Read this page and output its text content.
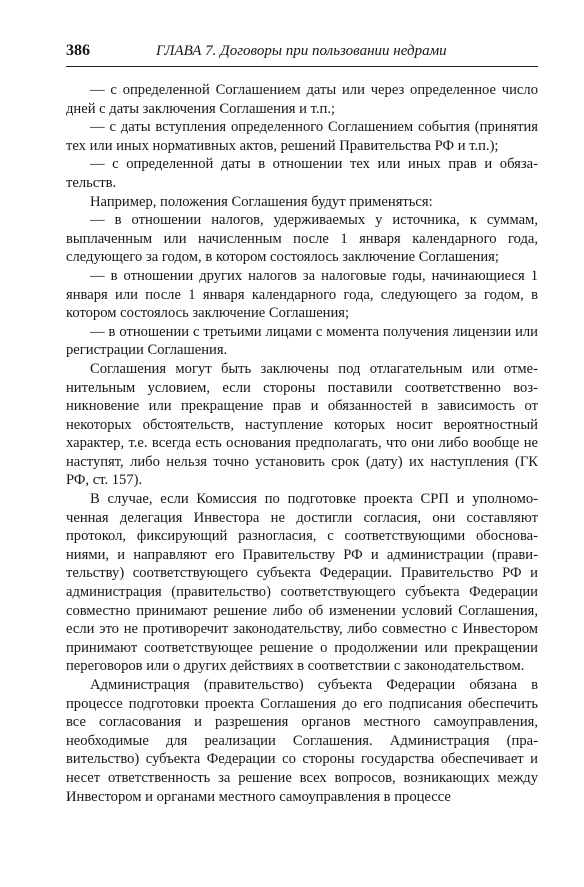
386	ГЛАВА 7. Договоры при пользовании недрами

— с определенной Соглашением даты или через определенное число дней с даты заключения Соглашения и т.п.;

— с даты вступления определенного Соглашением события (принятия тех или иных нормативных актов, решений Правительства РФ и т.п.);

— с определенной даты в отношении тех или иных прав и обязательств.

Например, положения Соглашения будут применяться:

— в отношении налогов, удерживаемых у источника, к суммам, выплаченным или начисленным после 1 января календарного года, следующего за годом, в котором состоялось заключение Соглашения;

— в отношении других налогов за налоговые годы, начинающиеся 1 января или после 1 января календарного года, следующего за годом, в котором состоялось заключение Соглашения;

— в отношении с третьими лицами с момента получения лицензии или регистрации Соглашения.

Соглашения могут быть заключены под отлагательным или отменительным условием, если стороны поставили соответственно возникновение или прекращение прав и обязанностей в зависимость от некоторых обстоятельств, наступление которых носит вероятностный характер, т.е. всегда есть основания предполагать, что они либо вообще не наступят, либо нельзя точно установить срок (дату) их наступления (ГК РФ, ст. 157).

В случае, если Комиссия по подготовке проекта СРП и уполномоченная делегация Инвестора не достигли согласия, они составляют протокол, фиксирующий разногласия, с соответствующими обоснованиями, и направляют его Правительству РФ и администрации (правительству) соответствующего субъекта Федерации. Правительство РФ и администрация (правительство) соответствующего субъекта Федерации совместно принимают решение либо об изменении условий Соглашения, если это не противоречит законодательству, либо совместно с Инвестором принимают соответствующее решение о продолжении или прекращении переговоров или о других действиях в соответствии с законодательством.

Администрация (правительство) субъекта Федерации обязана в процессе подготовки проекта Соглашения до его подписания обеспечить все согласования и разрешения органов местного самоуправления, необходимые для реализации Соглашения. Администрация (правительство) субъекта Федерации со стороны государства обеспечивает и несет ответственность за решение всех вопросов, возникающих между Инвестором и органами местного самоуправления в процессе
